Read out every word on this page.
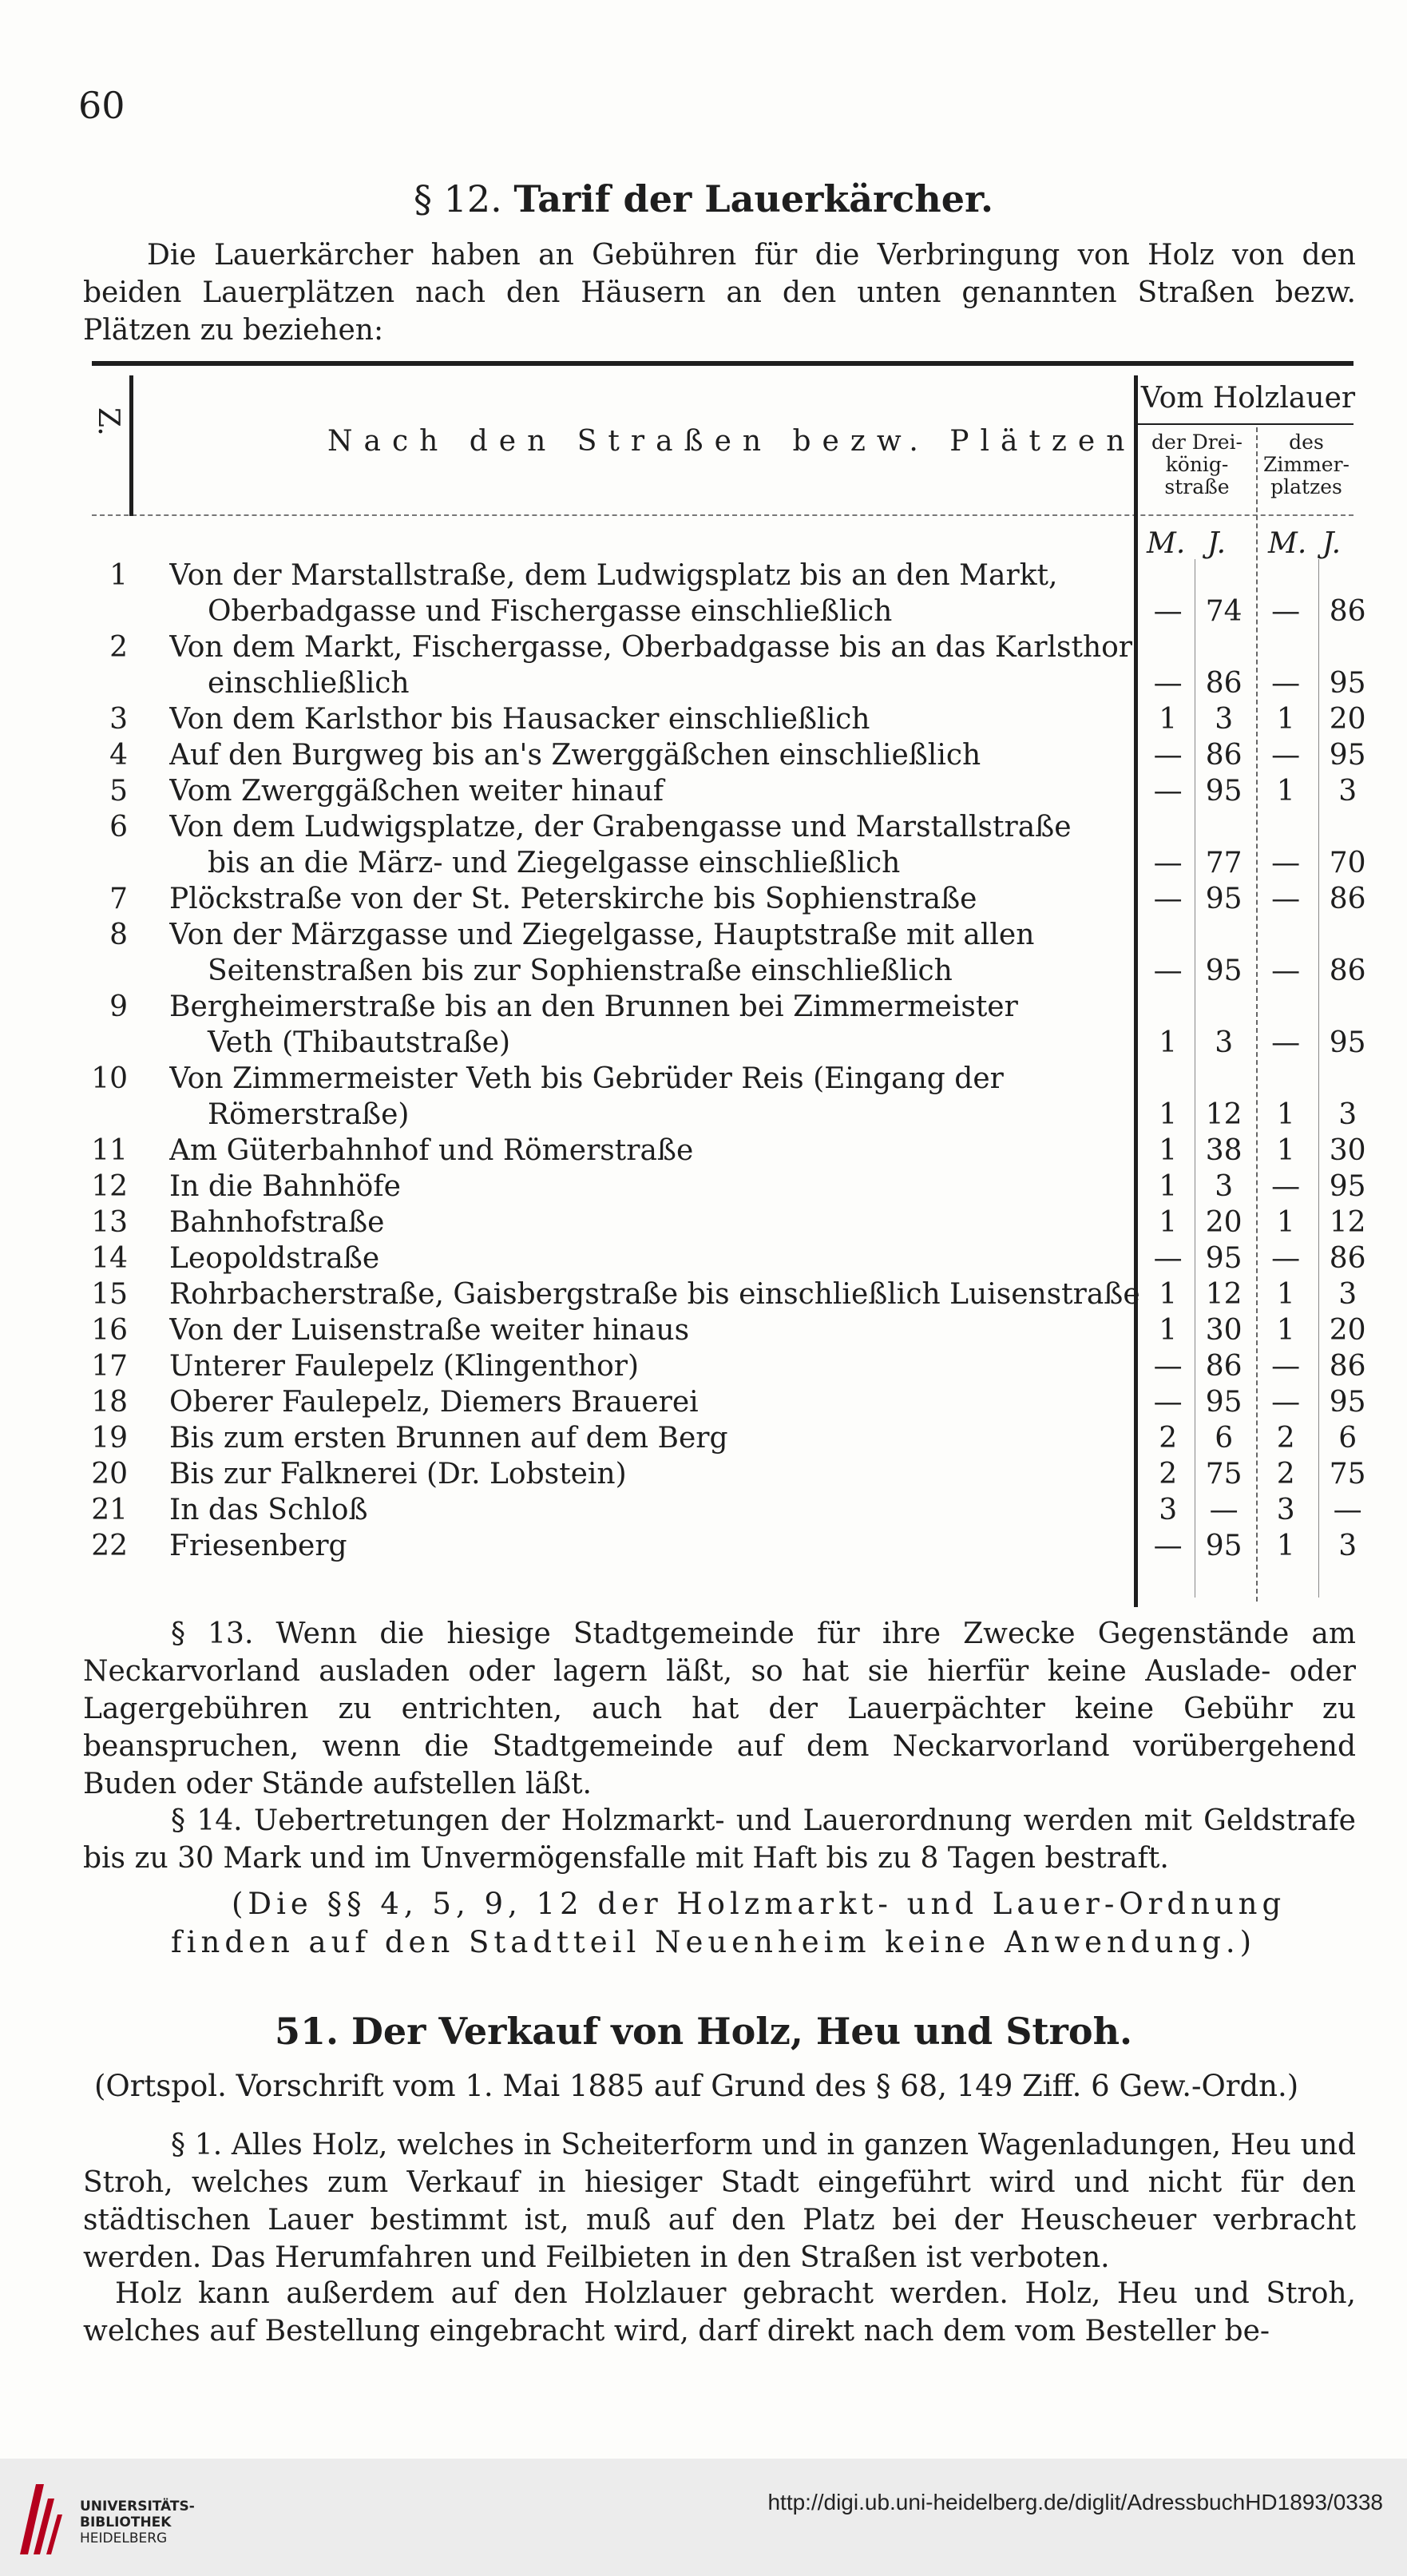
60
§ 12. Tarif der Lauerkärcher.
Die Lauerkärcher haben an Gebühren für die Verbringung von Holz von den beiden Lauerplätzen nach den Häusern an den unten genannten Straßen bezw. Plätzen zu beziehen:
Z.
Nach den Straßen bezw. Plätzen
Vom Holzlauer
der Drei-
könig-
straße
des
Zimmer-
platzes
M. J. M. J.
1	Von der Marstallstraße, dem Ludwigsplatz bis an den Markt,				

	Oberbadgasse und Fischergasse einschließlich	—	74	—	86
2	Von dem Markt, Fischergasse, Oberbadgasse bis an das Karlsthor				

	einschließlich	—	86	—	95
3	Von dem Karlsthor bis Hausacker einschließlich	1	3	1	20
4	Auf den Burgweg bis an's Zwerggäßchen einschließlich	—	86	—	95
5	Vom Zwerggäßchen weiter hinauf	—	95	1	3
6	Von dem Ludwigsplatze, der Grabengasse und Marstallstraße				

	bis an die März- und Ziegelgasse einschließlich	—	77	—	70
7	Plöckstraße von der St. Peterskirche bis Sophienstraße	—	95	—	86
8	Von der Märzgasse und Ziegelgasse, Hauptstraße mit allen				

	Seitenstraßen bis zur Sophienstraße einschließlich	—	95	—	86
9	Bergheimerstraße bis an den Brunnen bei Zimmermeister				

	Veth (Thibautstraße)	1	3	—	95
10	Von Zimmermeister Veth bis Gebrüder Reis (Eingang der				

	Römerstraße)	1	12	1	3
11	Am Güterbahnhof und Römerstraße	1	38	1	30
12	In die Bahnhöfe	1	3	—	95
13	Bahnhofstraße	1	20	1	12
14	Leopoldstraße	—	95	—	86
15	Rohrbacherstraße, Gaisbergstraße bis einschließlich Luisenstraße	1	12	1	3
16	Von der Luisenstraße weiter hinaus	1	30	1	20
17	Unterer Faulepelz (Klingenthor)	—	86	—	86
18	Oberer Faulepelz, Diemers Brauerei	—	95	—	95
19	Bis zum ersten Brunnen auf dem Berg	2	6	2	6
20	Bis zur Falknerei (Dr. Lobstein)	2	75	2	75
21	In das Schloß	3	—	3	—
22	Friesenberg	—	95	1	3
§ 13. Wenn die hiesige Stadtgemeinde für ihre Zwecke Gegenstände am Neckarvorland ausladen oder lagern läßt, so hat sie hierfür keine Auslade- oder Lagergebühren zu entrichten, auch hat der Lauerpächter keine Gebühr zu beanspruchen, wenn die Stadtgemeinde auf dem Neckarvorland vorübergehend Buden oder Stände aufstellen läßt.
§ 14. Uebertretungen der Holzmarkt- und Lauerordnung werden mit Geldstrafe bis zu 30 Mark und im Unvermögensfalle mit Haft bis zu 8 Tagen bestraft.
(Die §§ 4, 5, 9, 12 der Holzmarkt- und Lauer-Ordnung
finden auf den Stadtteil Neuenheim keine Anwendung.)
51. Der Verkauf von Holz, Heu und Stroh.
(Ortspol. Vorschrift vom 1. Mai 1885 auf Grund des § 68, 149 Ziff. 6 Gew.-Ordn.)
§ 1. Alles Holz, welches in Scheiterform und in ganzen Wagenladungen, Heu und Stroh, welches zum Verkauf in hiesiger Stadt eingeführt wird und nicht für den städtischen Lauer bestimmt ist, muß auf den Platz bei der Heuscheuer verbracht werden. Das Herumfahren und Feilbieten in den Straßen ist verboten.
Holz kann außerdem auf den Holzlauer gebracht werden. Holz, Heu und Stroh, welches auf Bestellung eingebracht wird, darf direkt nach dem vom Besteller be-
UNIVERSITÄTS-
BIBLIOTHEK
HEIDELBERG
http://digi.ub.uni-heidelberg.de/diglit/AdressbuchHD1893/0338
